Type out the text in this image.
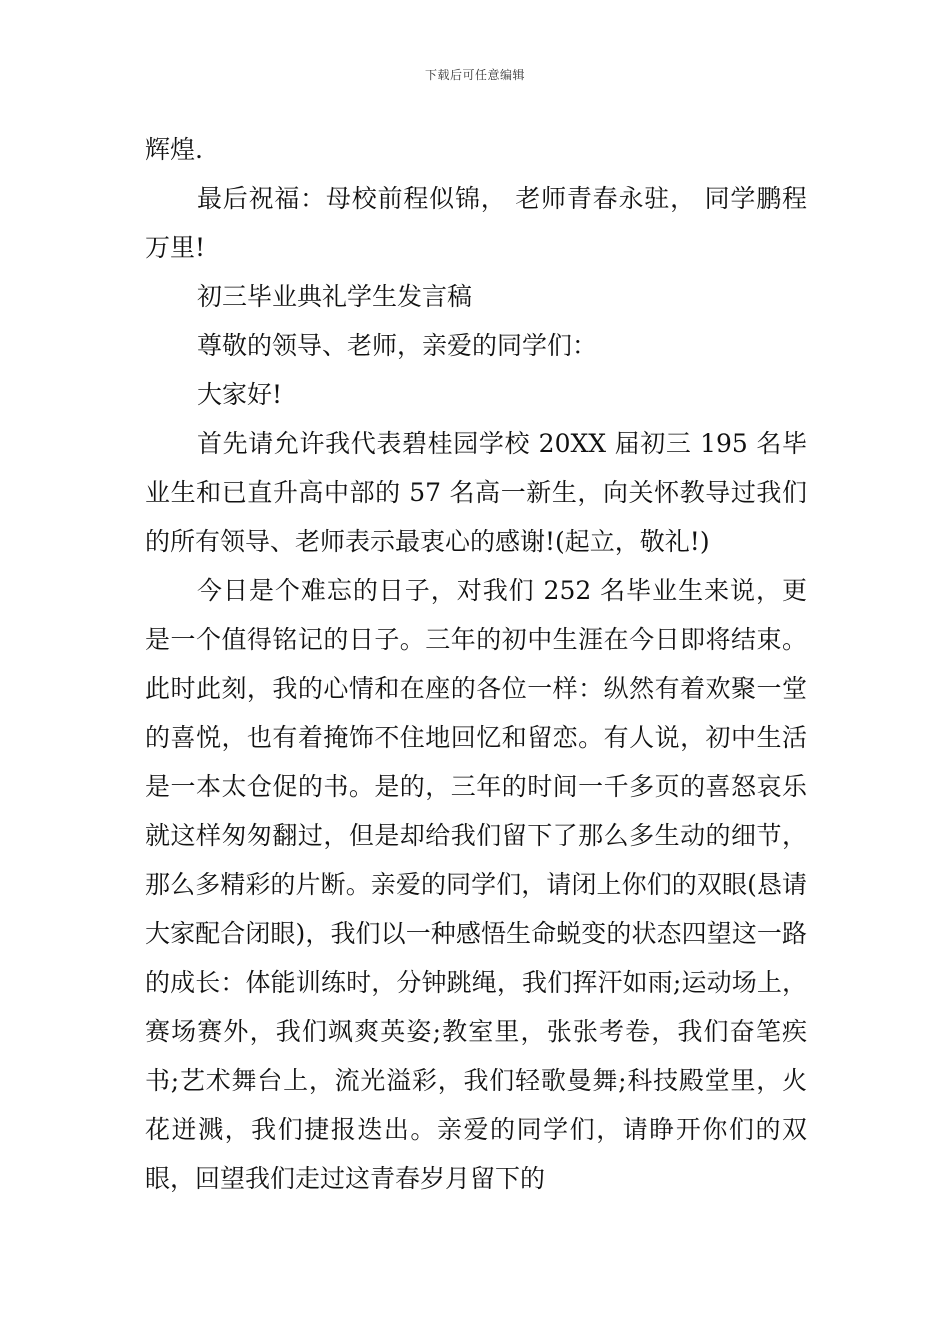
下载后可任意编辑

辉煌.

最后祝福：母校前程似锦， 老师青春永驻， 同学鹏程万里!

初三毕业典礼学生发言稿

尊敬的领导、老师，亲爱的同学们：

大家好!

首先请允许我代表碧桂园学校 20XX 届初三 195 名毕业生和已直升高中部的 57 名高一新生，向关怀教导过我们的所有领导、老师表示最衷心的感谢!(起立，敬礼!)

今日是个难忘的日子，对我们 252 名毕业生来说，更是一个值得铭记的日子。三年的初中生涯在今日即将结束。此时此刻，我的心情和在座的各位一样：纵然有着欢聚一堂的喜悦，也有着掩饰不住地回忆和留恋。有人说，初中生活是一本太仓促的书。是的，三年的时间一千多页的喜怒哀乐就这样匆匆翻过，但是却给我们留下了那么多生动的细节，那么多精彩的片断。亲爱的同学们，请闭上你们的双眼(恳请大家配合闭眼)，我们以一种感悟生命蜕变的状态四望这一路的成长：体能训练时，分钟跳绳，我们挥汗如雨;运动场上，赛场赛外，我们飒爽英姿;教室里，张张考卷，我们奋笔疾书;艺术舞台上，流光溢彩，我们轻歌曼舞;科技殿堂里，火花迸溅，我们捷报迭出。亲爱的同学们，请睁开你们的双眼，回望我们走过这青春岁月留下的
